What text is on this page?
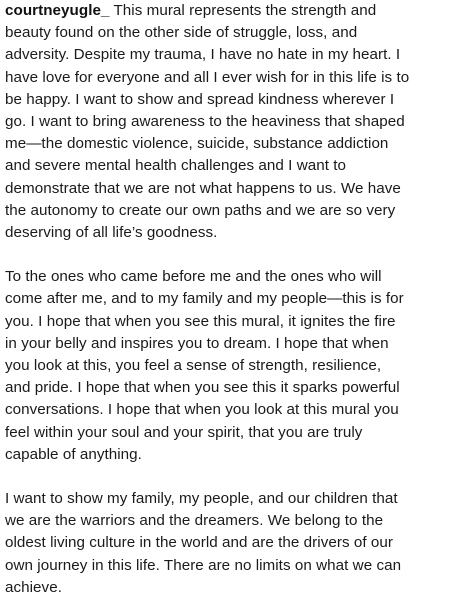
courtneyugle_ This mural represents the strength and
beauty found on the other side of struggle, loss, and
adversity. Despite my trauma, I have no hate in my heart. I
have love for everyone and all I ever wish for in this life is to
be happy. I want to show and spread kindness wherever I
go. I want to bring awareness to the heaviness that shaped
me—the domestic violence, suicide, substance addiction
and severe mental health challenges and I want to
demonstrate that we are not what happens to us. We have
the autonomy to create our own paths and we are so very
deserving of all life’s goodness.

To the ones who came before me and the ones who will
come after me, and to my family and my people—this is for
you. I hope that when you see this mural, it ignites the fire
in your belly and inspires you to dream. I hope that when
you look at this, you feel a sense of strength, resilience,
and pride. I hope that when you see this it sparks powerful
conversations. I hope that when you look at this mural you
feel within your soul and your spirit, that you are truly
capable of anything.

I want to show my family, my people, and our children that
we are the warriors and the dreamers. We belong to the
oldest living culture in the world and are the drivers of our
own journey in this life. There are no limits on what we can
achieve.
